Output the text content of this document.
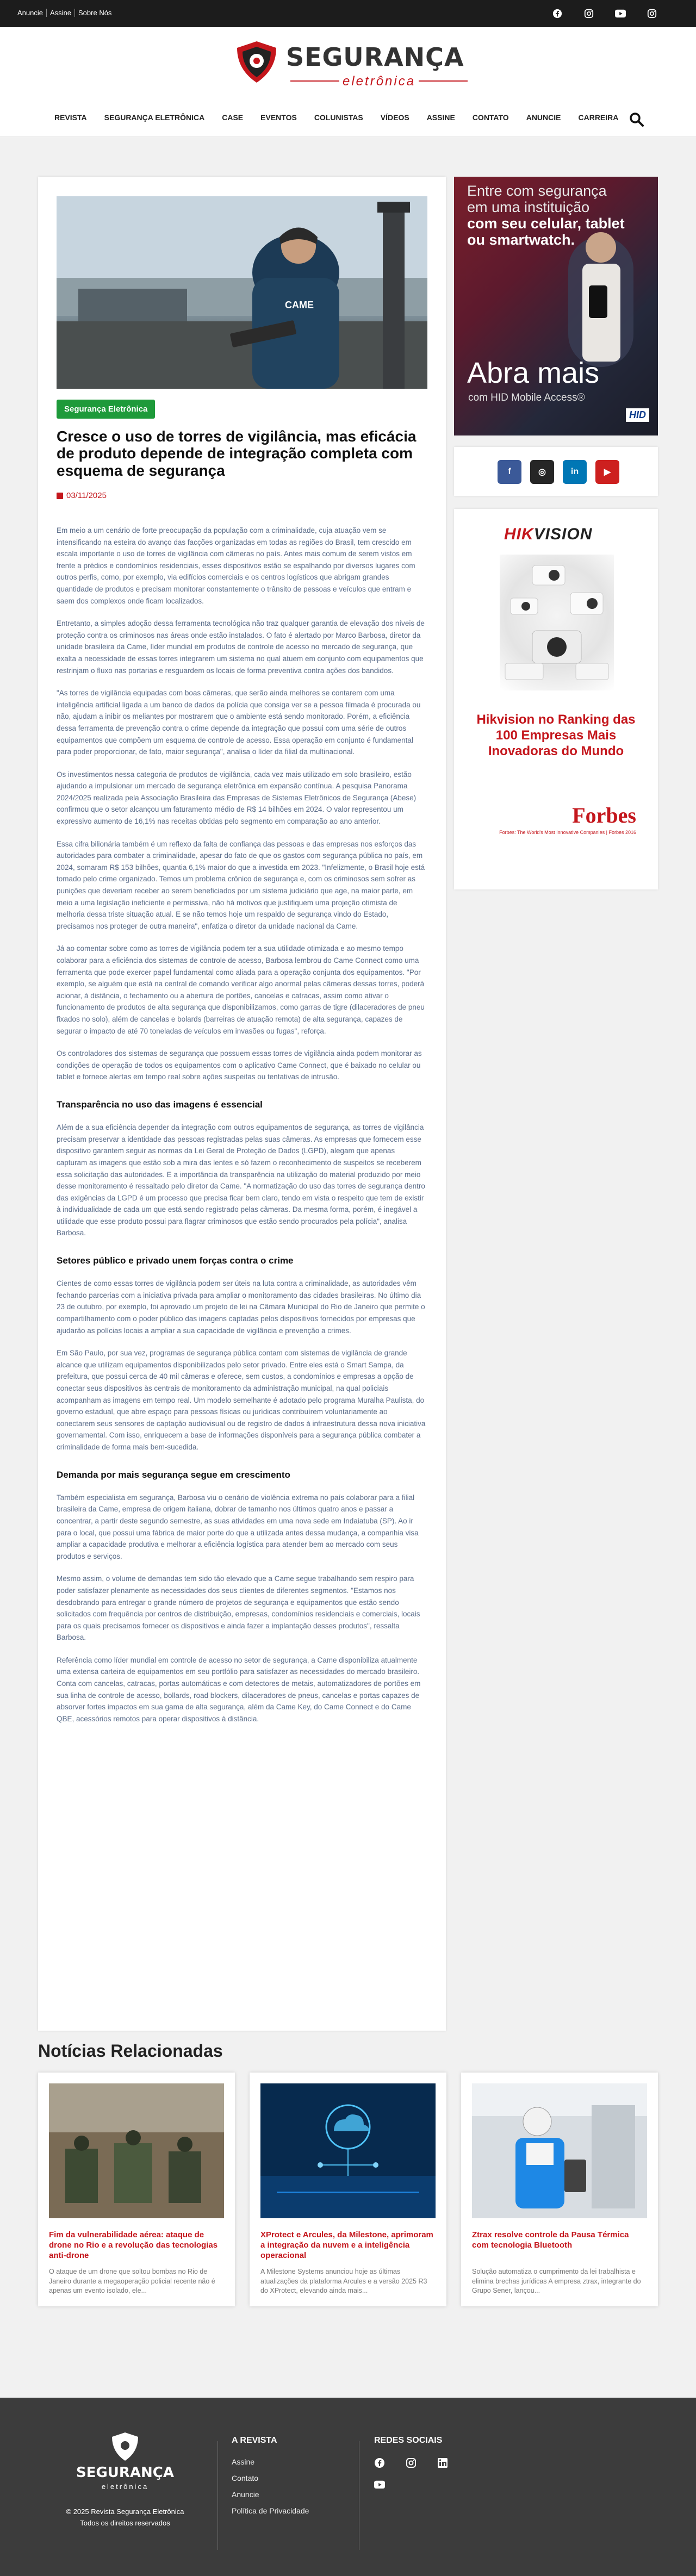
Anuncie	Assine	Sobre Nós
SEGURANÇA
eletrônica
REVISTA SEGURANÇA ELETRÔNICA CASE EVENTOS COLUNISTAS VÍDEOS ASSINE CONTATO ANUNCIE CARREIRA
CAME
Segurança Eletrônica
Cresce o uso de torres de vigilância, mas eficácia de produto depende de integração completa com esquema de segurança
03/11/2025

Em meio a um cenário de forte preocupação da população com a criminalidade, cuja atuação vem se intensificando na esteira do avanço das facções organizadas em todas as regiões do Brasil, tem crescido em escala importante o uso de torres de vigilância com câmeras no país. Antes mais comum de serem vistos em frente a prédios e condomínios residenciais, esses dispositivos estão se espalhando por diversos lugares com outros perfis, como, por exemplo, via edifícios comerciais e os centros logísticos que abrigam grandes quantidade de produtos e precisam monitorar constantemente o trânsito de pessoas e veículos que entram e saem dos complexos onde ficam localizados.

Entretanto, a simples adoção dessa ferramenta tecnológica não traz qualquer garantia de elevação dos níveis de proteção contra os criminosos nas áreas onde estão instalados. O fato é alertado por Marco Barbosa, diretor da unidade brasileira da Came, líder mundial em produtos de controle de acesso no mercado de segurança, que exalta a necessidade de essas torres integrarem um sistema no qual atuem em conjunto com equipamentos que restrinjam o fluxo nas portarias e resguardem os locais de forma preventiva contra ações dos bandidos.

"As torres de vigilância equipadas com boas câmeras, que serão ainda melhores se contarem com uma inteligência artificial ligada a um banco de dados da polícia que consiga ver se a pessoa filmada é procurada ou não, ajudam a inibir os meliantes por mostrarem que o ambiente está sendo monitorado. Porém, a eficiência dessa ferramenta de prevenção contra o crime depende da integração que possui com uma série de outros equipamentos que compõem um esquema de controle de acesso. Essa operação em conjunto é fundamental para poder proporcionar, de fato, maior segurança", analisa o líder da filial da multinacional.

Os investimentos nessa categoria de produtos de vigilância, cada vez mais utilizado em solo brasileiro, estão ajudando a impulsionar um mercado de segurança eletrônica em expansão contínua. A pesquisa Panorama 2024/2025 realizada pela Associação Brasileira das Empresas de Sistemas Eletrônicos de Segurança (Abese) confirmou que o setor alcançou um faturamento médio de R$ 14 bilhões em 2024. O valor representou um expressivo aumento de 16,1% nas receitas obtidas pelo segmento em comparação ao ano anterior.

Essa cifra bilionária também é um reflexo da falta de confiança das pessoas e das empresas nos esforços das autoridades para combater a criminalidade, apesar do fato de que os gastos com segurança pública no país, em 2024, somaram R$ 153 bilhões, quantia 6,1% maior do que a investida em 2023. "Infelizmente, o Brasil hoje está tomado pelo crime organizado. Temos um problema crônico de segurança e, com os criminosos sem sofrer as punições que deveriam receber ao serem beneficiados por um sistema judiciário que age, na maior parte, em meio a uma legislação ineficiente e permissiva, não há motivos que justifiquem uma projeção otimista de melhoria dessa triste situação atual. E se não temos hoje um respaldo de segurança vindo do Estado, precisamos nos proteger de outra maneira", enfatiza o diretor da unidade nacional da Came.

Já ao comentar sobre como as torres de vigilância podem ter a sua utilidade otimizada e ao mesmo tempo colaborar para a eficiência dos sistemas de controle de acesso, Barbosa lembrou do Came Connect como uma ferramenta que pode exercer papel fundamental como aliada para a operação conjunta dos equipamentos. "Por exemplo, se alguém que está na central de comando verificar algo anormal pelas câmeras dessas torres, poderá acionar, à distância, o fechamento ou a abertura de portões, cancelas e catracas, assim como ativar o funcionamento de produtos de alta segurança que disponibilizamos, como garras de tigre (dilaceradores de pneu fixados no solo), além de cancelas e bolards (barreiras de atuação remota) de alta segurança, capazes de segurar o impacto de até 70 toneladas de veículos em invasões ou fugas", reforça.

Os controladores dos sistemas de segurança que possuem essas torres de vigilância ainda podem monitorar as condições de operação de todos os equipamentos com o aplicativo Came Connect, que é baixado no celular ou tablet e fornece alertas em tempo real sobre ações suspeitas ou tentativas de intrusão.

Transparência no uso das imagens é essencial

Além de a sua eficiência depender da integração com outros equipamentos de segurança, as torres de vigilância precisam preservar a identidade das pessoas registradas pelas suas câmeras. As empresas que fornecem esse dispositivo garantem seguir as normas da Lei Geral de Proteção de Dados (LGPD), alegam que apenas capturam as imagens que estão sob a mira das lentes e só fazem o reconhecimento de suspeitos se receberem essa solicitação das autoridades. E a importância da transparência na utilização do material produzido por meio desse monitoramento é ressaltado pelo diretor da Came. "A normatização do uso das torres de segurança dentro das exigências da LGPD é um processo que precisa ficar bem claro, tendo em vista o respeito que tem de existir à individualidade de cada um que está sendo registrado pelas câmeras. Da mesma forma, porém, é inegável a utilidade que esse produto possui para flagrar criminosos que estão sendo procurados pela polícia", analisa Barbosa.

Setores público e privado unem forças contra o crime

Cientes de como essas torres de vigilância podem ser úteis na luta contra a criminalidade, as autoridades vêm fechando parcerias com a iniciativa privada para ampliar o monitoramento das cidades brasileiras. No último dia 23 de outubro, por exemplo, foi aprovado um projeto de lei na Câmara Municipal do Rio de Janeiro que permite o compartilhamento com o poder público das imagens captadas pelos dispositivos fornecidos por empresas que ajudarão as polícias locais a ampliar a sua capacidade de vigilância e prevenção a crimes.

Em São Paulo, por sua vez, programas de segurança pública contam com sistemas de vigilância de grande alcance que utilizam equipamentos disponibilizados pelo setor privado. Entre eles está o Smart Sampa, da prefeitura, que possui cerca de 40 mil câmeras e oferece, sem custos, a condomínios e empresas a opção de conectar seus dispositivos às centrais de monitoramento da administração municipal, na qual policiais acompanham as imagens em tempo real. Um modelo semelhante é adotado pelo programa Muralha Paulista, do governo estadual, que abre espaço para pessoas físicas ou jurídicas contribuírem voluntariamente ao conectarem seus sensores de captação audiovisual ou de registro de dados à infraestrutura dessa nova iniciativa governamental. Com isso, enriquecem a base de informações disponíveis para a segurança pública combater a criminalidade de forma mais bem-sucedida.

Demanda por mais segurança segue em crescimento

Também especialista em segurança, Barbosa viu o cenário de violência extrema no país colaborar para a filial brasileira da Came, empresa de origem italiana, dobrar de tamanho nos últimos quatro anos e passar a concentrar, a partir deste segundo semestre, as suas atividades em uma nova sede em Indaiatuba (SP). Ao ir para o local, que possui uma fábrica de maior porte do que a utilizada antes dessa mudança, a companhia visa ampliar a capacidade produtiva e melhorar a eficiência logística para atender bem ao mercado com seus produtos e serviços.

Mesmo assim, o volume de demandas tem sido tão elevado que a Came segue trabalhando sem respiro para poder satisfazer plenamente as necessidades dos seus clientes de diferentes segmentos. "Estamos nos desdobrando para entregar o grande número de projetos de segurança e equipamentos que estão sendo solicitados com frequência por centros de distribuição, empresas, condomínios residenciais e comerciais, locais para os quais precisamos fornecer os dispositivos e ainda fazer a implantação desses produtos", ressalta Barbosa.

Referência como líder mundial em controle de acesso no setor de segurança, a Came disponibiliza atualmente uma extensa carteira de equipamentos em seu portfólio para satisfazer as necessidades do mercado brasileiro. Conta com cancelas, catracas, portas automáticas e com detectores de metais, automatizadores de portões em sua linha de controle de acesso, bollards, road blockers, dilaceradores de pneus, cancelas e portas capazes de absorver fortes impactos em sua gama de alta segurança, além da Came Key, do Came Connect e do Came QBE, acessórios remotos para operar dispositivos à distância.

Entre com segurança
em uma instituição
com seu celular, tablet
ou smartwatch.
Abra mais
com HID Mobile Access®
HID
f	◎	in	▶
HIKVISION
Hikvision no Ranking das 100 Empresas Mais Inovadoras do Mundo
Forbes
Forbes: The World's Most Innovative Companies | Forbes 2016
Notícias Relacionadas
Fim da vulnerabilidade aérea: ataque de drone no Rio e a revolução das tecnologias anti-drone
O ataque de um drone que soltou bombas no Rio de Janeiro durante a megaoperação policial recente não é apenas um evento isolado, ele...
XProtect e Arcules, da Milestone, aprimoram a integração da nuvem e a inteligência operacional
A Milestone Systems anunciou hoje as últimas atualizações da plataforma Arcules e a versão 2025 R3 do XProtect, elevando ainda mais...
Ztrax resolve controle da Pausa Térmica com tecnologia Bluetooth
Solução automatiza o cumprimento da lei trabalhista e elimina brechas jurídicas A empresa ztrax, integrante do Grupo Sener, lançou...
SEGURANÇA
eletrônica
© 2025 Revista Segurança Eletrônica
Todos os direitos reservados
A REVISTA
Assine
Contato
Anuncie
Política de Privacidade
REDES SOCIAIS
